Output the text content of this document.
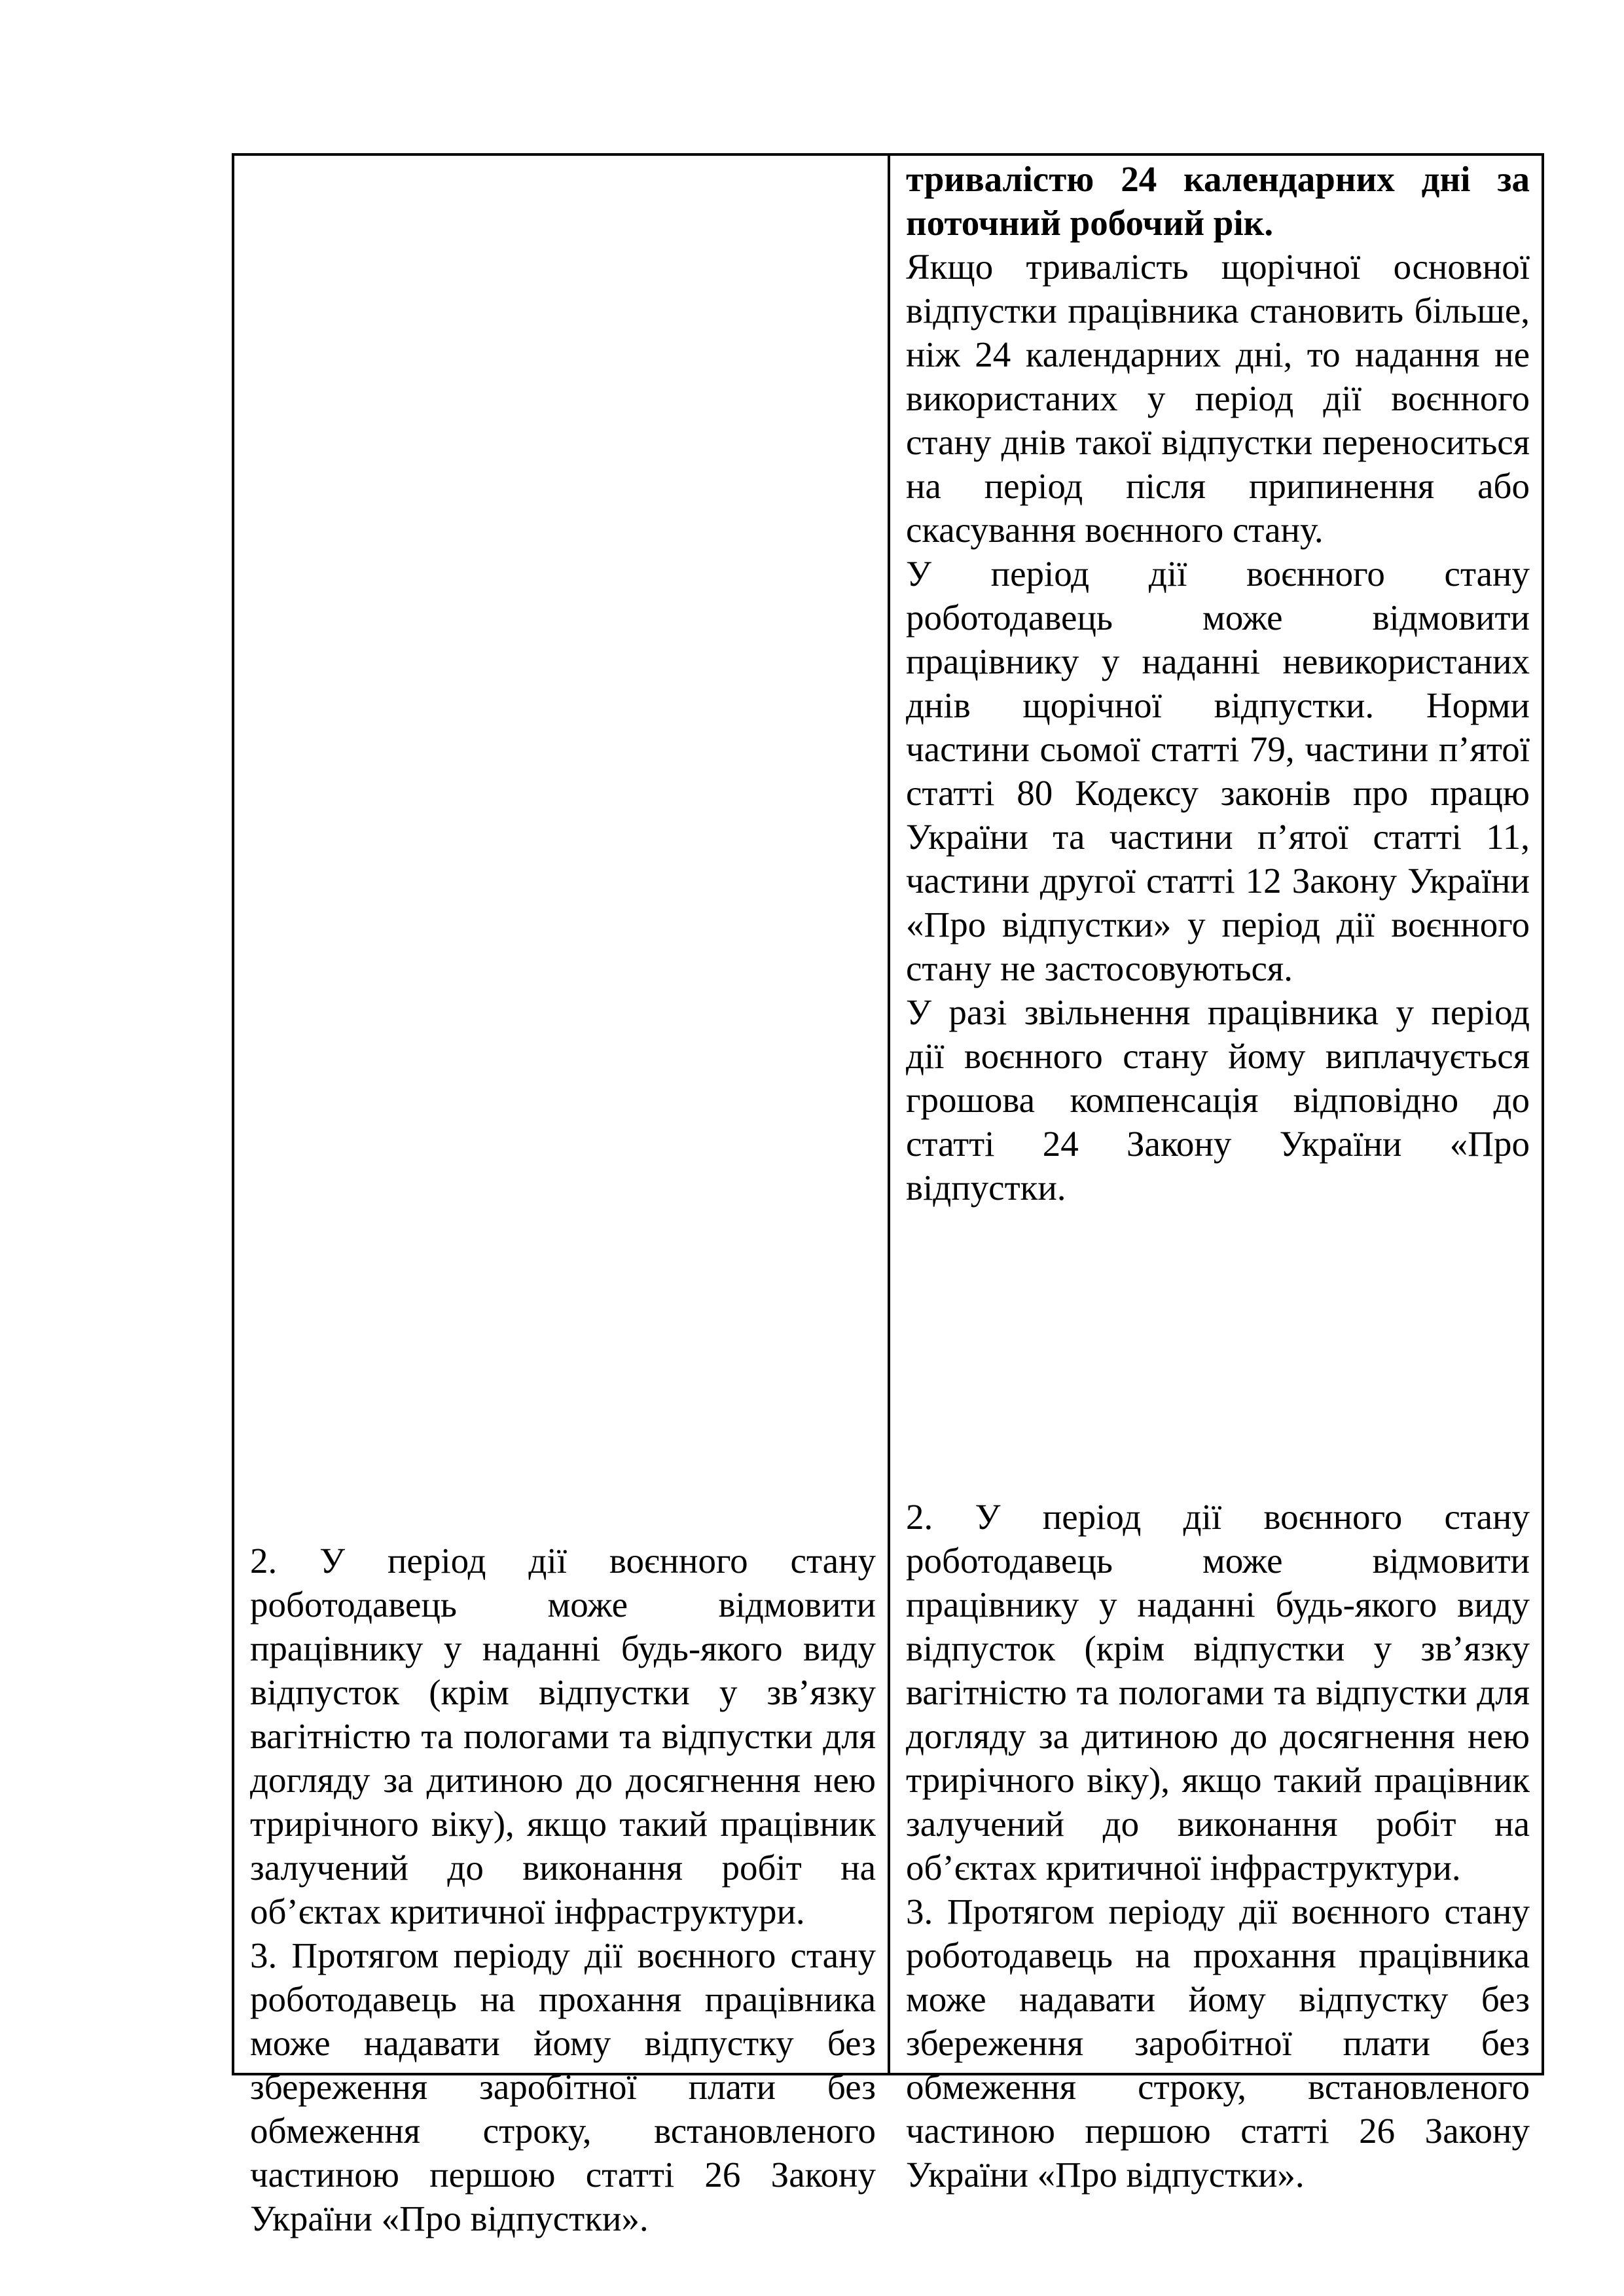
2. У період дії воєнного стану роботодавець може відмовити працівнику у наданні будь-якого виду відпусток (крім відпустки у зв’язку вагітністю та пологами та відпустки для догляду за дитиною до досягнення нею трирічного віку), якщо такий працівник залучений до виконання робіт на об’єктах критичної інфраструктури.

3. Протягом періоду дії воєнного стану роботодавець на прохання працівника може надавати йому відпустку без збереження заробітної плати без обмеження строку, встановленого частиною першою статті 26 Закону України «Про відпустки».

тривалістю 24 календарних дні за поточний робочий рік.

Якщо тривалість щорічної основної відпустки працівника становить більше, ніж 24 календарних дні, то надання не використаних у період дії воєнного стану днів такої відпустки переноситься на період після припинення або скасування воєнного стану.

У період дії воєнного стану роботодавець може відмовити працівнику у наданні невикористаних днів щорічної відпустки. Норми частини сьомої статті 79, частини п’ятої статті 80 Кодексу законів про працю України та частини п’ятої статті 11, частини другої статті 12 Закону України «Про відпустки» у період дії воєнного стану не застосовуються.

У разі звільнення працівника у період дії воєнного стану йому виплачується грошова компенсація відповідно до статті 24 Закону України «Про відпустки.

2. У період дії воєнного стану роботодавець може відмовити працівнику у наданні будь-якого виду відпусток (крім відпустки у зв’язку вагітністю та пологами та відпустки для догляду за дитиною до досягнення нею трирічного віку), якщо такий працівник залучений до виконання робіт на об’єктах критичної інфраструктури.

3. Протягом періоду дії воєнного стану роботодавець на прохання працівника може надавати йому відпустку без збереження заробітної плати без обмеження строку, встановленого частиною першою статті 26 Закону України «Про відпустки».
